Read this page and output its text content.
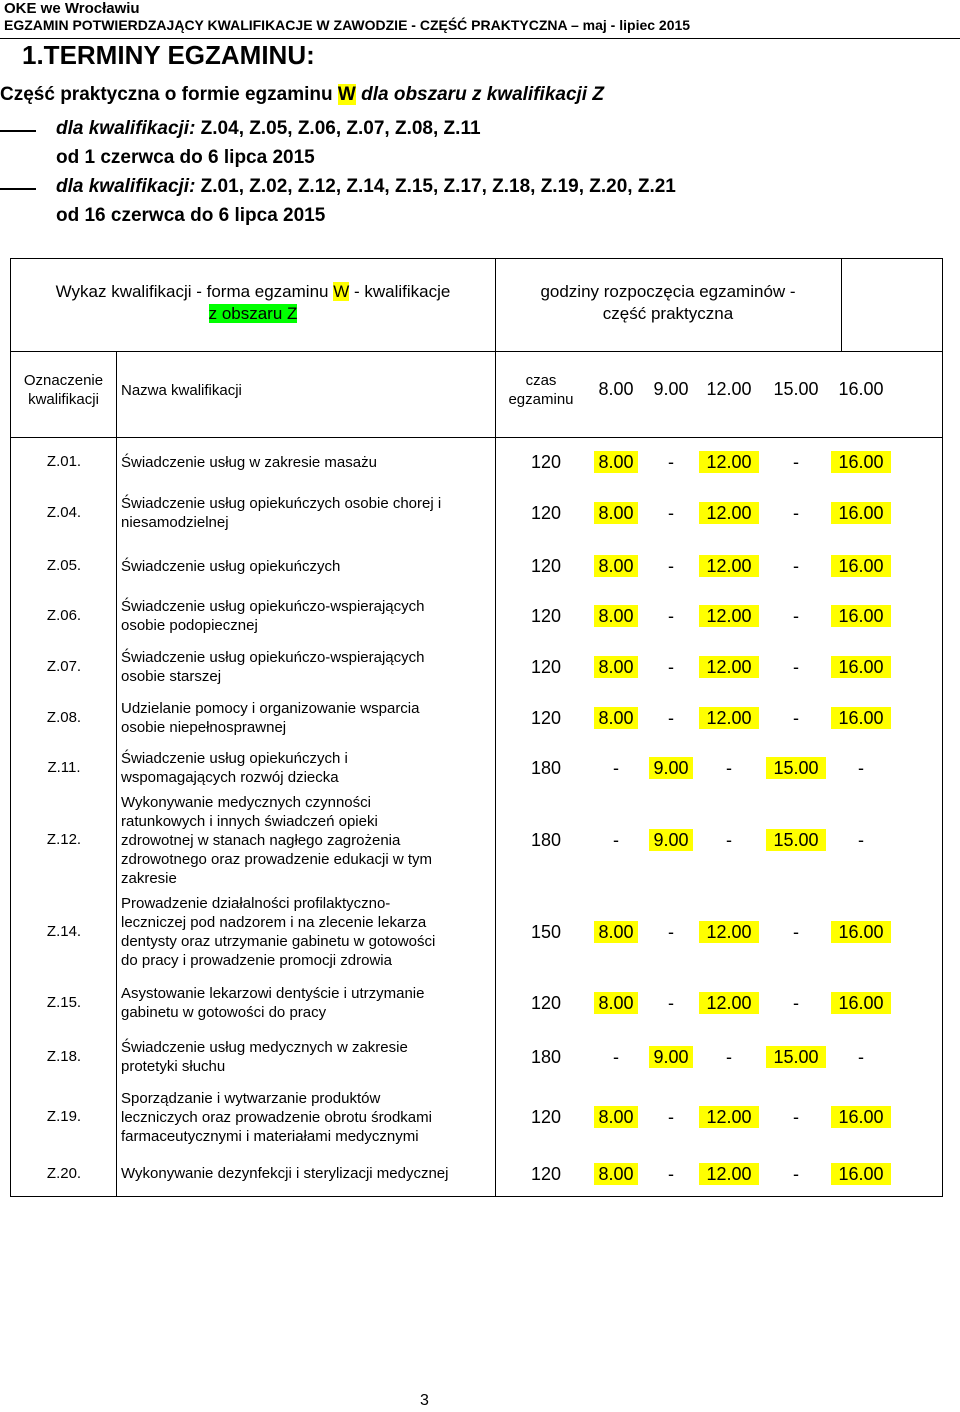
OKE we Wrocławiu
EGZAMIN POTWIERDZAJĄCY KWALIFIKACJE W ZAWODZIE - CZĘŚĆ PRAKTYCZNA – maj - lipiec 2015
1.TERMINY EGZAMINU:
Część praktyczna o formie egzaminu W dla obszaru z kwalifikacji Z
dla kwalifikacji: Z.04, Z.05, Z.06, Z.07, Z.08, Z.11
od 1 czerwca do 6 lipca 2015
dla kwalifikacji: Z.01, Z.02, Z.12, Z.14, Z.15, Z.17, Z.18, Z.19, Z.20, Z.21
od 16 czerwca do 6 lipca 2015
Wykaz kwalifikacji - forma egzaminu W - kwalifikacje
z obszaru Z
godziny rozpoczęcia egzaminów -
część praktyczna
Oznaczenie
kwalifikacji
Nazwa kwalifikacji
czas
egzaminu
8.00 9.00 12.00	15.00	16.00
Z.01.	Świadczenie usług w zakresie masażu	120	8.00	-	12.00	-	16.00
Z.04.
Świadczenie usług opiekuńczych osobie chorej i
niesamodzielnej	120	8.00	-	12.00	-	16.00
Z.05.	Świadczenie usług opiekuńczych	120	8.00	-	12.00	-	16.00
Z.06.
Świadczenie usług opiekuńczo-wspierających
osobie podopiecznej	120	8.00	-	12.00	-	16.00
Z.07.
Świadczenie usług opiekuńczo-wspierających
osobie starszej	120	8.00	-	12.00	-	16.00
Z.08.
Udzielanie pomocy i organizowanie wsparcia
osobie niepełnosprawnej	120	8.00	-	12.00	-	16.00
Z.11.
Świadczenie usług opiekuńczych i
wspomagających rozwój dziecka	180	-	9.00	-	15.00	-
Z.12.
Wykonywanie medycznych czynności
ratunkowych i innych świadczeń opieki
zdrowotnej w stanach nagłego zagrożenia
zdrowotnego oraz prowadzenie edukacji w tym
zakresie
180	-	9.00	-	15.00	-
Z.14.
Prowadzenie działalności profilaktyczno-
leczniczej pod nadzorem i na zlecenie lekarza
dentysty oraz utrzymanie gabinetu w gotowości
do pracy i prowadzenie promocji zdrowia
150	8.00	-	12.00	-	16.00
Z.15.
Asystowanie lekarzowi dentyście i utrzymanie
gabinetu w gotowości do pracy	120	8.00	-	12.00	-	16.00
Z.18.
Świadczenie usług medycznych w zakresie
protetyki słuchu	180	-	9.00	-	15.00	-
Z.19.
Sporządzanie i wytwarzanie produktów
leczniczych oraz prowadzenie obrotu środkami
farmaceutycznymi i materiałami medycznymi
120	8.00	-	12.00	-	16.00
Z.20.	Wykonywanie dezynfekcji i sterylizacji medycznej	120	8.00	-	12.00	-	16.00
3
